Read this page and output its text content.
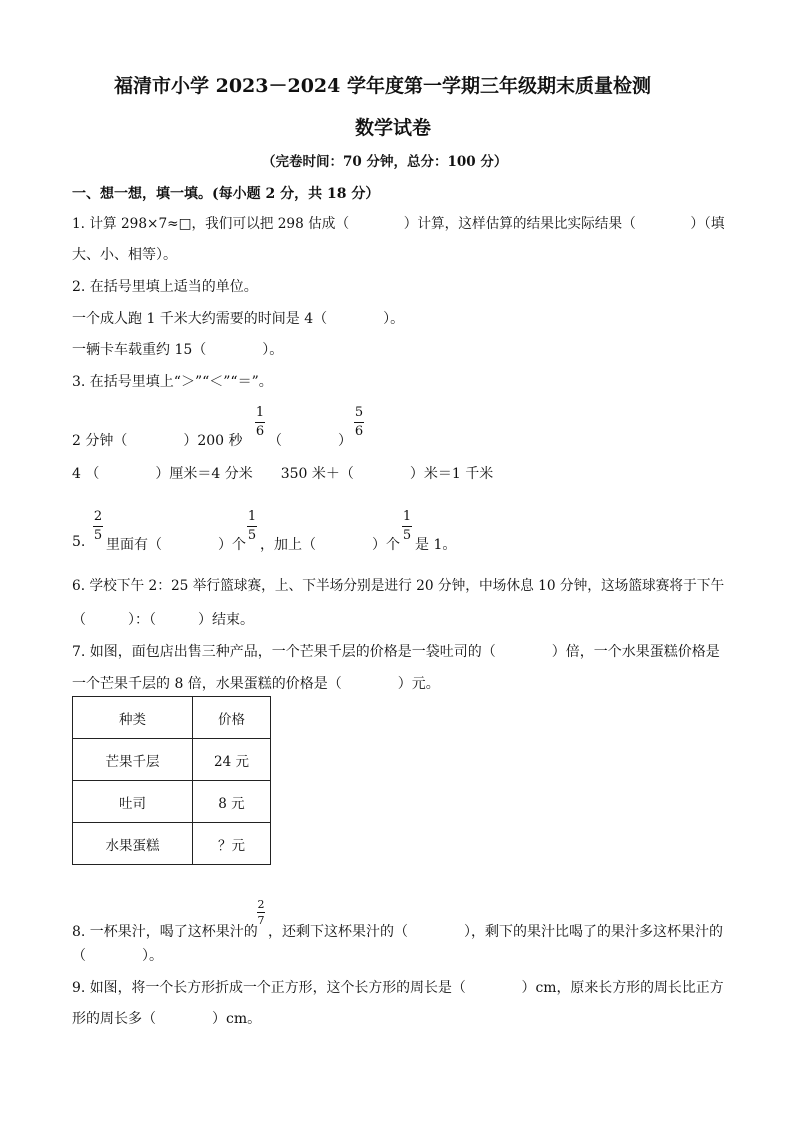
福清市小学 2023－2024 学年度第一学期三年级期末质量检测
数学试卷
（完卷时间：70 分钟，总分：100 分）
一、想一想，填一填。(每小题 2 分，共 18 分）
1. 计算 298×7≈□，我们可以把 298 估成（　　　　）计算，这样估算的结果比实际结果（　　　　）（填
大、小、相等）。
2. 在括号里填上适当的单位。
一个成人跑 1 千米大约需要的时间是 4（　　　　）。
一辆卡车载重约 15（　　　　）。
3. 在括号里填上“＞”“＜”“＝”。
2 分钟（　　　　）200 秒
1
6
（　　　　）
5
6
4 （　　　　）厘米＝4 分米　　350 米＋（　　　　）米＝1 千米
2
5
5. 里面有（　　　　）个
1
5
，加上（　　　　）个
1
5
是 1。
6. 学校下午 2：25 举行篮球赛，上、下半场分别是进行 20 分钟，中场休息 10 分钟，这场篮球赛将于下午
（　　　）：（　　　）结束。
7. 如图，面包店出售三种产品，一个芒果千层的价格是一袋吐司的（　　　　）倍，一个水果蛋糕价格是
一个芒果千层的 8 倍，水果蛋糕的价格是（　　　　）元。
种类	价格
芒果千层	24 元
吐司	8 元
水果蛋糕	？元
2
7
8. 一杯果汁，喝了这杯果汁的 ，还剩下这杯果汁的（　　　　），剩下的果汁比喝了的果汁多这杯果汁的
（　　　　）。
9. 如图，将一个长方形折成一个正方形，这个长方形的周长是（　　　　）cm，原来长方形的周长比正方
形的周长多（　　　　）cm。
